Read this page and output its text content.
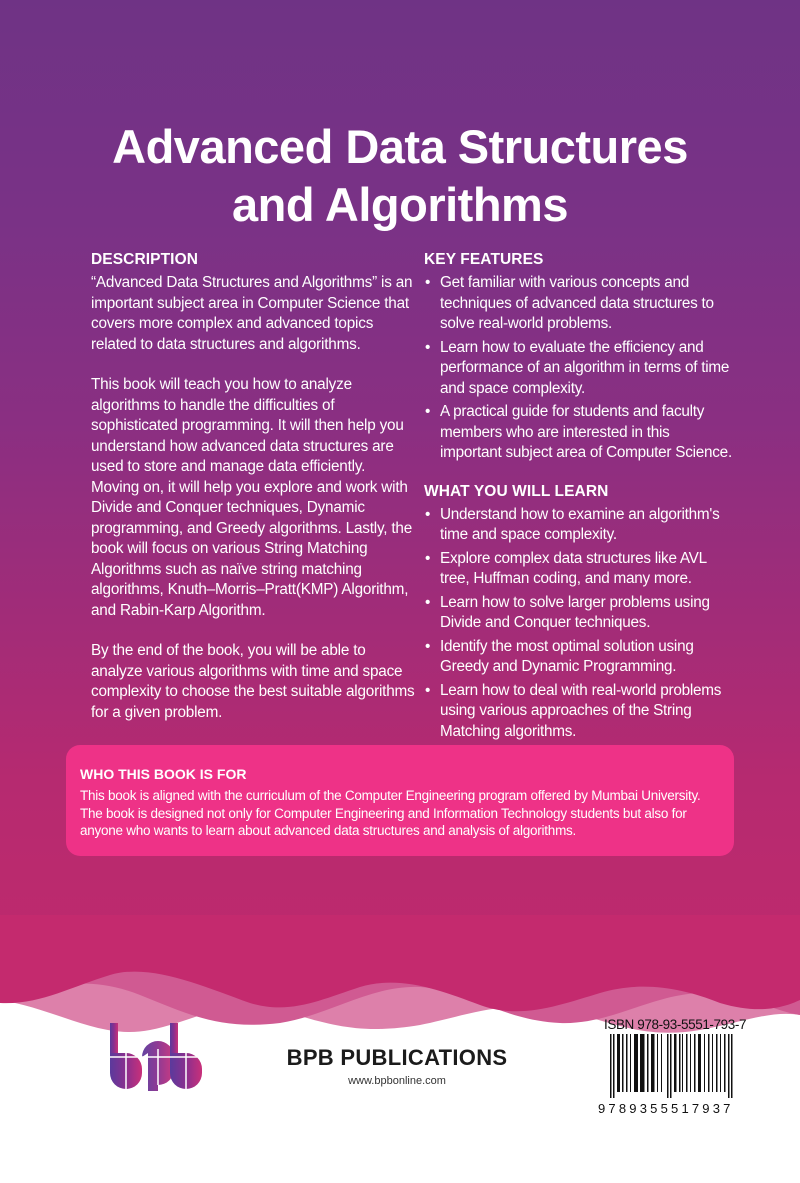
Advanced Data Structures
and Algorithms
DESCRIPTION

“Advanced Data Structures and Algorithms” is an important subject area in Computer Science that covers more complex and advanced topics related to data structures and algorithms.

This book will teach you how to analyze algorithms to handle the difficulties of sophisticated programming. It will then help you understand how advanced data structures are used to store and manage data efficiently. Moving on, it will help you explore and work with Divide and Conquer techniques, Dynamic programming, and Greedy algorithms. Lastly, the book will focus on various String Matching Algorithms such as naïve string matching algorithms, Knuth–Morris–Pratt(KMP) Algorithm, and Rabin-Karp Algorithm.

By the end of the book, you will be able to analyze various algorithms with time and space complexity to choose the best suitable algorithms for a given problem.

KEY FEATURES
• Get familiar with various concepts and techniques of advanced data structures to solve real-world problems.
• Learn how to evaluate the efficiency and performance of an algorithm in terms of time and space complexity.
• A practical guide for students and faculty members who are interested in this important subject area of Computer Science.
WHAT YOU WILL LEARN
• Understand how to examine an algorithm's time and space complexity.
• Explore complex data structures like AVL tree, Huffman coding, and many more.
• Learn how to solve larger problems using Divide and Conquer techniques.
• Identify the most optimal solution using Greedy and Dynamic Programming.
• Learn how to deal with real-world problems using various approaches of the String Matching algorithms.
WHO THIS BOOK IS FOR
This book is aligned with the curriculum of the Computer Engineering program offered by Mumbai University. The book is designed not only for Computer Engineering and Information Technology students but also for anyone who wants to learn about advanced data structures and analysis of algorithms.
BPB PUBLICATIONS
www.bpbonline.com
ISBN 978-93-5551-793-7
9789355517937
